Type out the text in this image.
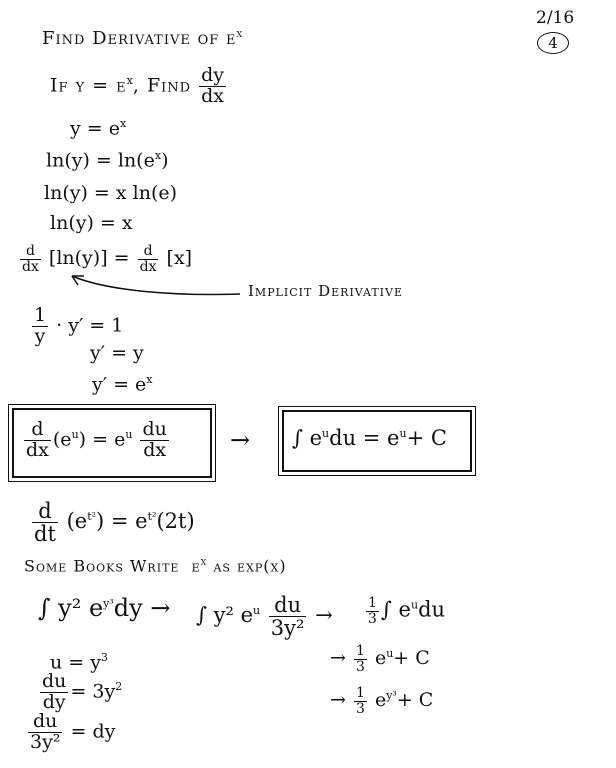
Find Derivative of $e^x$
2/16
4
If $y = e^x$, Find $\frac{dy}{dx}$
$y = e^x$
$\ln(y) = \ln(e^x)$
ln(y) = x ln(e)
ln(y) = x
$\frac{d}{dx} [\ln(y)] = \frac{d}{dx} [x]$
Implicit Derivative
$\frac{1}{y} \cdot y' = 1$
y′ = y
$y' = e^x$
$\frac{d}{dx} (e^u) = e^u \frac{du}{dx}$	→ ∫ $e^udu = e^u+ C$
$\frac{d}{dt} (e^{t^2}) = e^{t^2}(2t)$
Some Books Write $e^x$ as exp(x)
∫ y² $e^{y^3}dy$ → ∫ y² $e^u \frac{du}{\text{3y²}} \to \frac{1}{3}$ ∫ $e^udu$
→ $\frac{1}{3} e^u+ C$
→ $\frac{1}{3} e^{y^3}+ C$
$u = y^3$
$\frac{du}{dy} = 3y^2$
$\frac{du}{\text{3y²}}$ = dy
